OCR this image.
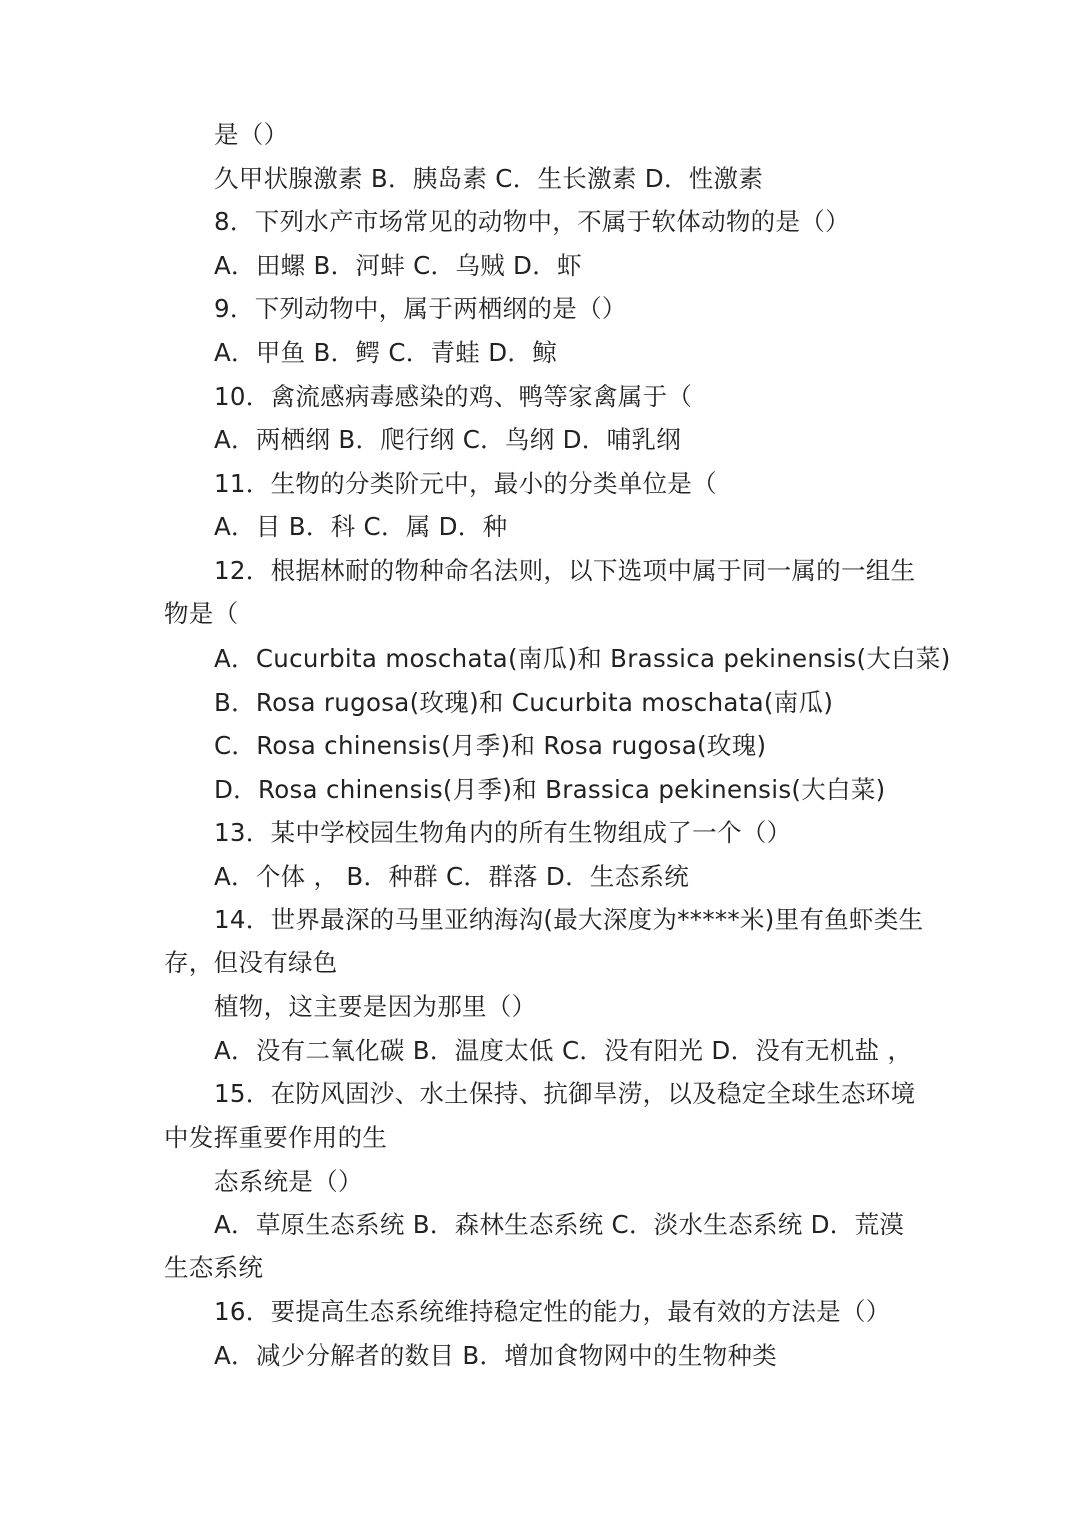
是（）
久甲状腺激素 B．胰岛素 C．生长激素 D．性激素
8．下列水产市场常见的动物中，不属于软体动物的是（）
A．田螺 B．河蚌 C．乌贼 D．虾
9．下列动物中，属于两栖纲的是（）
A．甲鱼 B．鳄 C．青蛙 D．鲸
10．禽流感病毒感染的鸡、鸭等家禽属于（
A．两栖纲 B．爬行纲 C．鸟纲 D．哺乳纲
11．生物的分类阶元中，最小的分类单位是（
A．目 B．科 C．属 D．种
12．根据林耐的物种命名法则，以下选项中属于同一属的一组生
物是（
A．Cucurbita moschata(南瓜)和 Brassica pekinensis(大白菜)
B．Rosa rugosa(玫瑰)和 Cucurbita moschata(南瓜)
C．Rosa chinensis(月季)和 Rosa rugosa(玫瑰)
D．Rosa chinensis(月季)和 Brassica pekinensis(大白菜)
13．某中学校园生物角内的所有生物组成了一个（）
A．个体 ， B．种群 C．群落 D．生态系统
14．世界最深的马里亚纳海沟(最大深度为*****米)里有鱼虾类生
存，但没有绿色
植物，这主要是因为那里（）
A．没有二氧化碳 B．温度太低 C．没有阳光 D．没有无机盐 ，
15．在防风固沙、水土保持、抗御旱涝，以及稳定全球生态环境
中发挥重要作用的生
态系统是（）
A．草原生态系统 B．森林生态系统 C．淡水生态系统 D．荒漠
生态系统
16．要提高生态系统维持稳定性的能力，最有效的方法是（）
A．减少分解者的数目 B．增加食物网中的生物种类
